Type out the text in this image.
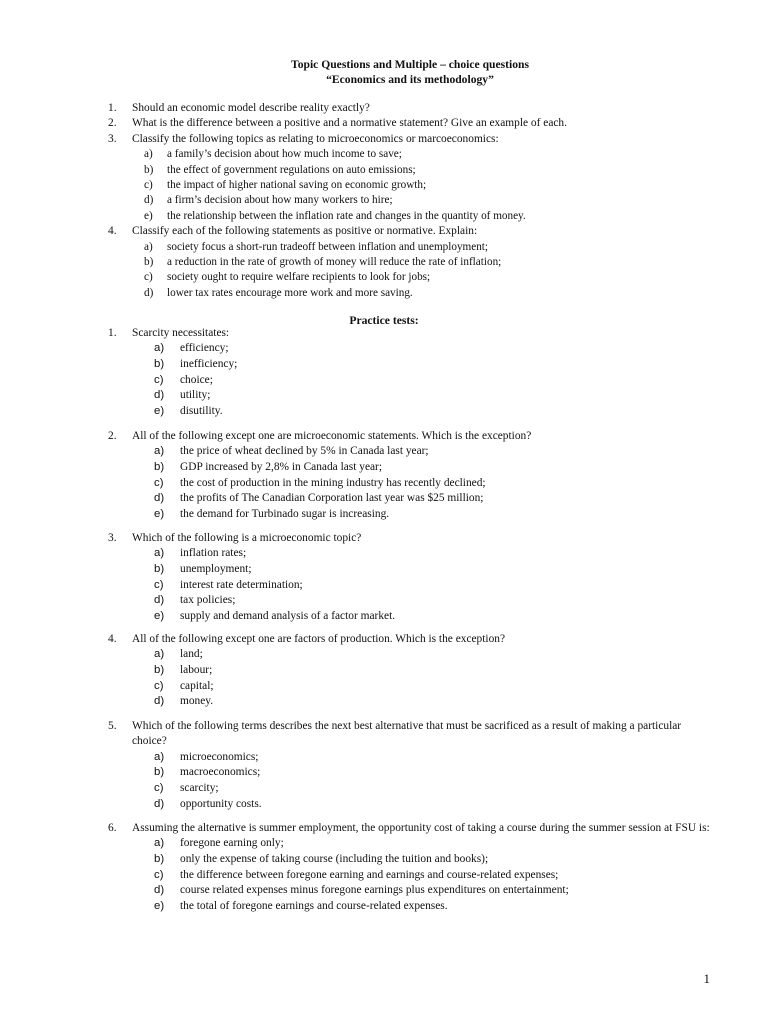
Topic Questions and Multiple – choice questions
“Economics and its methodology”
1. Should an economic model describe reality exactly?
2. What is the difference between a positive and a normative statement? Give an example of each.
3. Classify the following topics as relating to microeconomics or marcoeconomics:
a)	a family’s decision about how much income to save;
b)	the effect of government regulations on auto emissions;
c)	the impact of higher national saving on economic growth;
d)	a firm’s decision about how many workers to hire;
e)	the relationship between the inflation rate and changes in the quantity of money.
4. Classify each of the following statements as positive or normative. Explain:
a)	society focus a short-run tradeoff between inflation and unemployment;
b)	a reduction in the rate of growth of money will reduce the rate of inflation;
c)	society ought to require welfare recipients to look for jobs;
d)	lower tax rates encourage more work and more saving.
Practice tests:
1. Scarcity necessitates:
a) efficiency;
b) inefficiency;
c) choice;
d) utility;
e) disutility.
2. All of the following except one are microeconomic statements. Which is the exception?
a) the price of wheat declined by 5% in Canada last year;
b) GDP increased by 2,8% in Canada last year;
c) the cost of production in the mining industry has recently declined;
d) the profits of The Canadian Corporation last year was $25 million;
e) the demand for Turbinado sugar is increasing.
3. Which of the following is a microeconomic topic?
a) inflation rates;
b) unemployment;
c) interest rate determination;
d) tax policies;
e) supply and demand analysis of a factor market.
4. All of the following except one are factors of production. Which is the exception?
a) land;
b) labour;
c) capital;
d) money.
5. Which of the following terms describes the next best alternative that must be sacrificed as a result of making a particular choice?
a) microeconomics;
b) macroeconomics;
c) scarcity;
d) opportunity costs.
6. Assuming the alternative is summer employment, the opportunity cost of taking a course during the summer session at FSU is:
a) foregone earning only;
b) only the expense of taking course (including the tuition and books);
c) the difference between foregone earning and earnings and course-related expenses;
d) course related expenses minus foregone earnings plus expenditures on entertainment;
e) the total of foregone earnings and course-related expenses.
1
